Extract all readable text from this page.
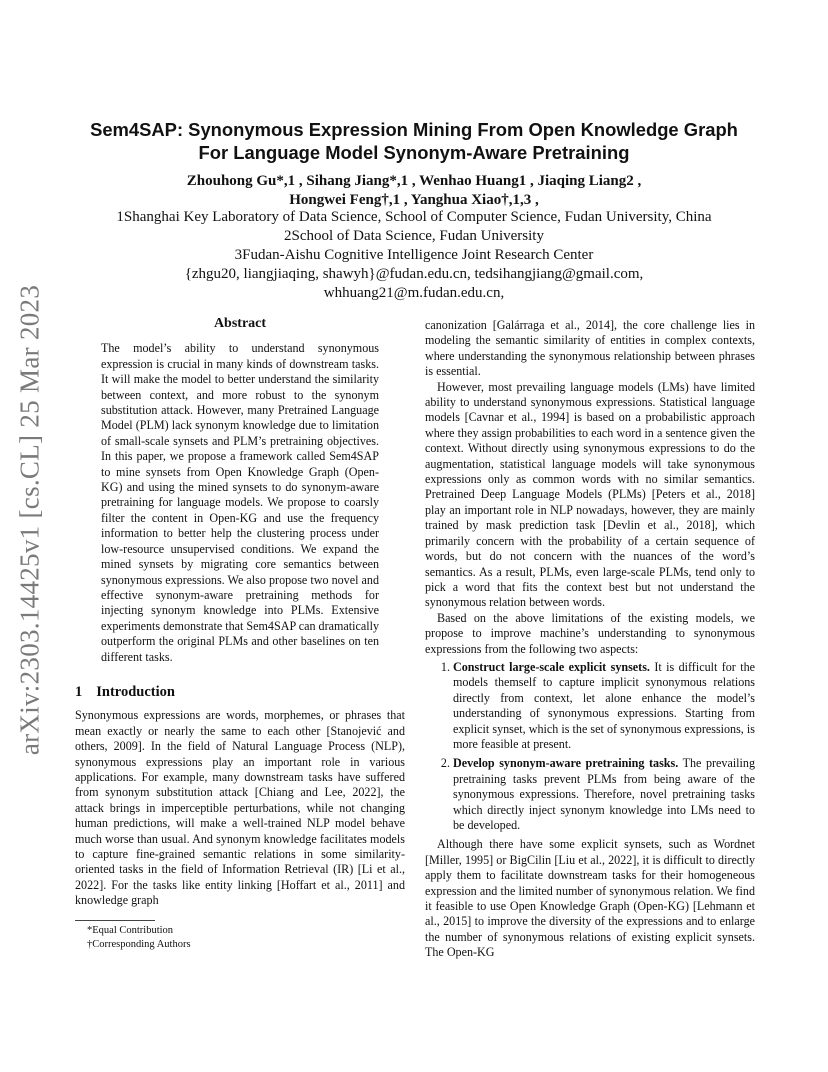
arXiv:2303.14425v1 [cs.CL] 25 Mar 2023
Sem4SAP: Synonymous Expression Mining From Open Knowledge Graph For Language Model Synonym-Aware Pretraining
Zhouhong Gu*,1 , Sihang Jiang*,1 , Wenhao Huang1 , Jiaqing Liang2 ,
Hongwei Feng†,1 , Yanghua Xiao†,1,3 ,
1Shanghai Key Laboratory of Data Science, School of Computer Science, Fudan University, China
2School of Data Science, Fudan University
3Fudan-Aishu Cognitive Intelligence Joint Research Center
{zhgu20, liangjiaqing, shawyh}@fudan.edu.cn, tedsihangjiang@gmail.com,
whhuang21@m.fudan.edu.cn,
Abstract

The model’s ability to understand synonymous expression is crucial in many kinds of downstream tasks. It will make the model to better understand the similarity between context, and more robust to the synonym substitution attack. However, many Pretrained Language Model (PLM) lack synonym knowledge due to limitation of small-scale synsets and PLM’s pretraining objectives. In this paper, we propose a framework called Sem4SAP to mine synsets from Open Knowledge Graph (Open-KG) and using the mined synsets to do synonym-aware pretraining for language models. We propose to coarsly filter the content in Open-KG and use the frequency information to better help the clustering process under low-resource unsupervised conditions. We expand the mined synsets by migrating core semantics between synonymous expressions. We also propose two novel and effective synonym-aware pretraining methods for injecting synonym knowledge into PLMs. Extensive experiments demonstrate that Sem4SAP can dramatically outperform the original PLMs and other baselines on ten different tasks.

1 Introduction

Synonymous expressions are words, morphemes, or phrases that mean exactly or nearly the same to each other [Stanojević and others, 2009]. In the field of Natural Language Process (NLP), synonymous expressions play an important role in various applications. For example, many downstream tasks have suffered from synonym substitution attack [Chiang and Lee, 2022], the attack brings in imperceptible perturbations, while not changing human predictions, will make a well-trained NLP model behave much worse than usual. And synonym knowledge facilitates models to capture fine-grained semantic relations in some similarity-oriented tasks in the field of Information Retrieval (IR) [Li et al., 2022]. For the tasks like entity linking [Hoffart et al., 2011] and knowledge graph

*Equal Contribution
†Corresponding Authors

canonization [Galárraga et al., 2014], the core challenge lies in modeling the semantic similarity of entities in complex contexts, where understanding the synonymous relationship between phrases is essential.

However, most prevailing language models (LMs) have limited ability to understand synonymous expressions. Statistical language models [Cavnar et al., 1994] is based on a probabilistic approach where they assign probabilities to each word in a sentence given the context. Without directly using synonymous expressions to do the augmentation, statistical language models will take synonymous expressions only as common words with no similar semantics. Pretrained Deep Language Models (PLMs) [Peters et al., 2018] play an important role in NLP nowadays, however, they are mainly trained by mask prediction task [Devlin et al., 2018], which primarily concern with the probability of a certain sequence of words, but do not concern with the nuances of the word’s semantics. As a result, PLMs, even large-scale PLMs, tend only to pick a word that fits the context best but not understand the synonymous relation between words.

Based on the above limitations of the existing models, we propose to improve machine’s understanding to synonymous expressions from the following two aspects:

1. Construct large-scale explicit synsets. It is difficult for the models themself to capture implicit synonymous relations directly from context, let alone enhance the model’s understanding of synonymous expressions. Starting from explicit synset, which is the set of synonymous expressions, is more feasible at present.
2. Develop synonym-aware pretraining tasks. The prevailing pretraining tasks prevent PLMs from being aware of the synonymous expressions. Therefore, novel pretraining tasks which directly inject synonym knowledge into LMs need to be developed.

Although there have some explicit synsets, such as Wordnet [Miller, 1995] or BigCilin [Liu et al., 2022], it is difficult to directly apply them to facilitate downstream tasks for their homogeneous expression and the limited number of synonymous relation. We find it feasible to use Open Knowledge Graph (Open-KG) [Lehmann et al., 2015] to improve the diversity of the expressions and to enlarge the number of synonymous relations of existing explicit synsets. The Open-KG
